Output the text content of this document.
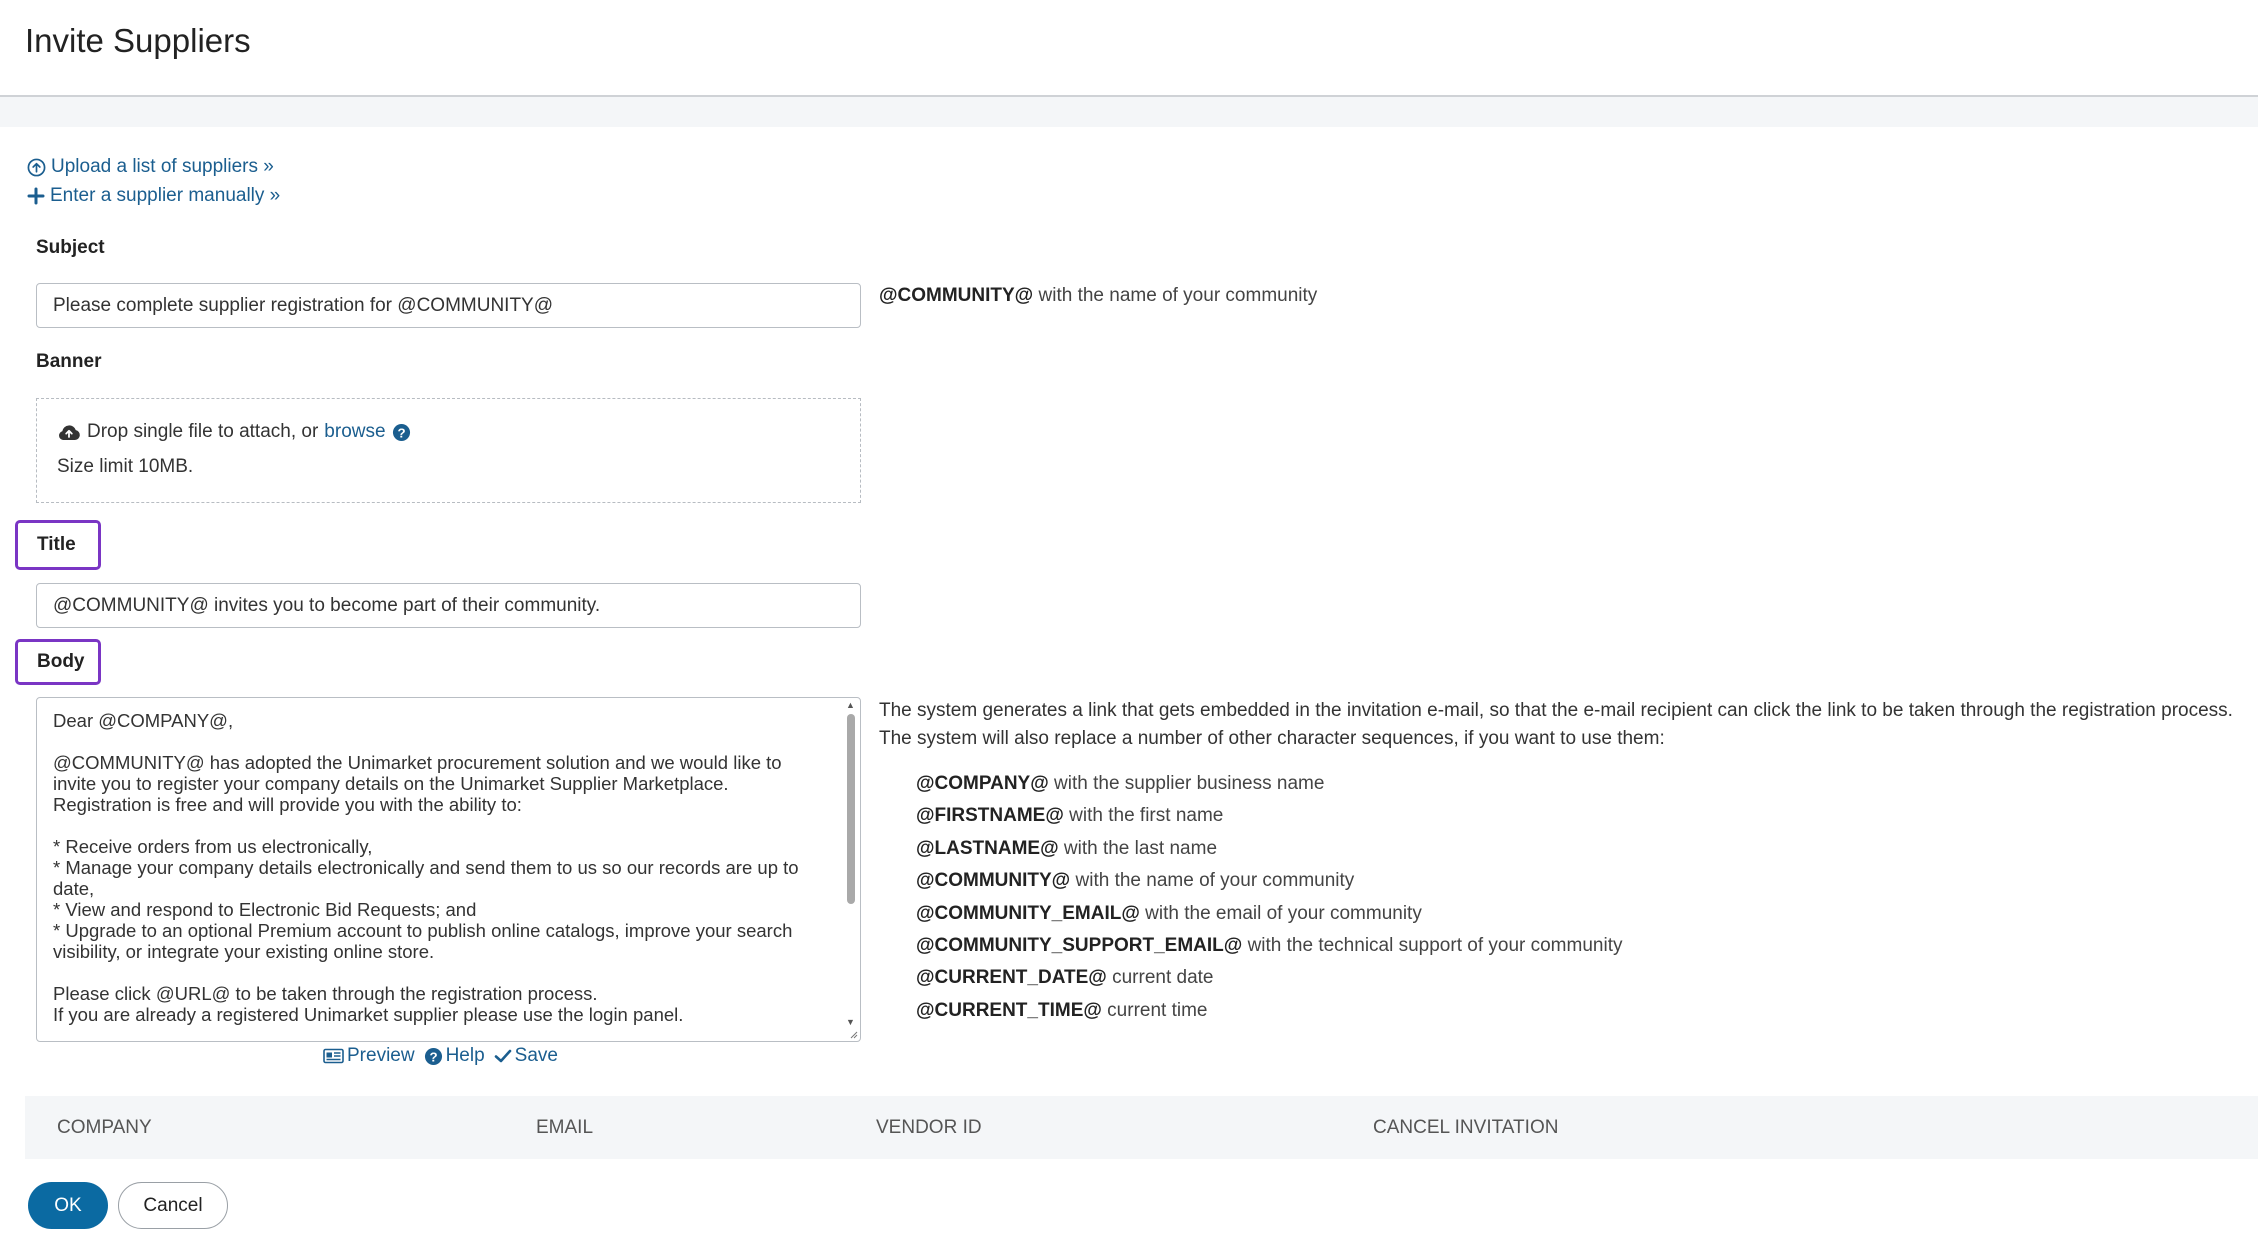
Invite Suppliers
Upload a list of suppliers »
Enter a supplier manually »
Subject
Please complete supplier registration for @COMMUNITY@
@COMMUNITY@ with the name of your community
Banner
Drop single file to attach, or browse ?
Size limit 10MB.
Title
@COMMUNITY@ invites you to become part of their community.
Body
Dear @COMPANY@,

@COMMUNITY@ has adopted the Unimarket procurement solution and we would like to
invite you to register your company details on the Unimarket Supplier Marketplace.
Registration is free and will provide you with the ability to:

* Receive orders from us electronically,
* Manage your company details electronically and send them to us so our records are up to
date,
* View and respond to Electronic Bid Requests; and
* Upgrade to an optional Premium account to publish online catalogs, improve your search
visibility, or integrate your existing online store.

Please click @URL@ to be taken through the registration process.
If you are already a registered Unimarket supplier please use the login panel.
▲
▼
Preview ? Help Save
The system generates a link that gets embedded in the invitation e-mail, so that the e-mail recipient can click the link to be taken through the registration process.
The system will also replace a number of other character sequences, if you want to use them:
@COMPANY@ with the supplier business name
@FIRSTNAME@ with the first name
@LASTNAME@ with the last name
@COMMUNITY@ with the name of your community
@COMMUNITY_EMAIL@ with the email of your community
@COMMUNITY_SUPPORT_EMAIL@ with the technical support of your community
@CURRENT_DATE@ current date
@CURRENT_TIME@ current time
COMPANY	EMAIL	VENDOR ID	CANCEL INVITATION
OK	Cancel
